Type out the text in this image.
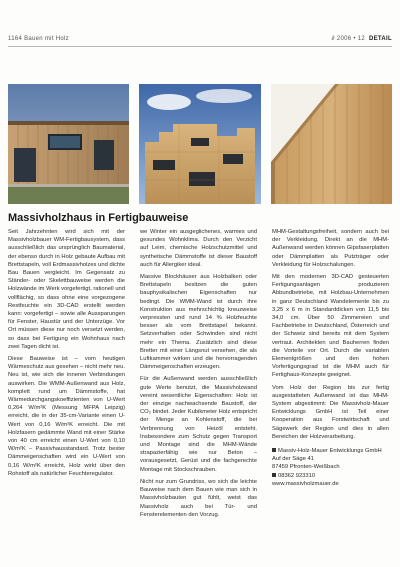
1164 Bauen mit Holz	∂ 2006 • 12 DETAIL
Massivholzhaus in Fertigbauweise

Seit Jahrzehnten wird sich mit der Massivholzbauer WM-Fertigbausystem, dass ausschließlich das ursprünglich Baumaterial, der ebenso durch in Holz gebaute Aufbau mit Brettstapeln, voll Erdmassivholzes und dichte Bau Bauen vergleicht. Im Gegensatz zu Ständer- oder Skelettbauweise werden die Holzwände im Werk vorgefertigt, rationell und vollflächig, so dass ohne eine vorgezogene Restfeuchte ein 3D-CAD erstellt werden kann: vorgefertigt – sowie alle Aussparungen für Fenster, Haustür und der Unterzüge. Vor Ort müssen diese nur noch versetzt werden, so dass bei Fertigung ein Wohnhaus nach zwei Tagen dicht ist.

Diese Bauweise ist – vom heutigen Wärmeschutz aus gesehen – nicht mehr neu. Neu ist, wie sich die inneren Verbindungen auswirken. Die WMM-Außenwand aus Holz, komplett rund um Dämmstoffe, hat Wärmedurchgangskoeffizienten von U-Wert 0,264 W/m²K (Messung MFPA Leipzig) erreicht, die in der 35-cm-Variante einen U-Wert von 0,16 W/m²K erreicht. Die mit Holzfasern gedämmte Wand mit einer Stärke von 40 cm erreicht einen U-Wert von 0,10 W/m²K – Passivhausstandard. Trotz bester Dämmeigenschaften wird ein U-Wert von 0,16 W/m²K erreicht, Holz wirkt über den Rohstoff als natürlicher Feuchteregulator.

we Winter ein ausgeglichenes, warmes und gesundes Wohnklima. Durch den Verzicht auf Leim, chemische Holzschutzmittel und synthetische Dämmstoffe ist dieser Baustoff auch für Allergiker ideal.

Massive Blockhäuser aus Holzbalken oder Brettstapeln besitzen die guten bauphysikalischen Eigenschaften nur bedingt. Die WMM-Wand ist durch ihre Konstruktion aus mehrschichtig kreuzweise verpressten und rund 14 % Holzfeuchte besser als vom Brettstapel bekannt. Setzverhalten oder Schwinden sind nicht mehr ein Thema. Zusätzlich sind diese Bretter mit einer Längsnut versehen, die als Luftkammer wirken und die hervorragenden Dämmeigenschaften erzeugen.

Für die Außenwand werden ausschließlich gute Werte benutzt, die Massivholzwand vereint wesentliche Eigenschaften: Holz ist der einzige nachwachsende Baustoff, der CO₂ bindet. Jeder Kubikmeter Holz entspricht der Menge an Kohlenstoff, die bei Verbrennung von Heizöl entsteht. Insbesondere zum Schutz gegen Transport und Montage sind die MHM-Wände strapazierfähig wie nur Beton – vorausgesetzt, Gerüst und die fachgerechte Montage mit Stockschrauben.

Nicht nur zum Grundriss, wo sich die leichte Bauweise nach dem Bauen wie man sich in Massivholzbauten gut fühlt, weist das Massivholz auch bei Tür- und Fensterelementen den Vorzug.

MHM-Gestaltungsfreiheit, sondern auch bei der Verkleidung. Direkt an die MHM-Außenwand werden können Gipsfaserplatten oder Dämmplatten als Putzträger oder Verkleidung für Holzschalungen.

Mit den modernen 3D-CAD gesteuerten Fertigungsanlagen produzieren Abbundbetriebe, mit Holzbau-Unternehmen in ganz Deutschland Wandelemente bis zu 3,25 x 6 m in Standarddicken von 11,5 bis 34,0 cm. Über 50 Zimmereien und Fachbetriebe in Deutschland, Österreich und der Schweiz sind bereits mit dem System vertraut. Architekten und Bauherren finden die Vorteile vor Ort. Durch die variablen Elementgrößen und den hohen Vorfertigungsgrad ist die MHM auch für Fertighaus-Konzepte geeignet.

Vom Holz der Region bis zur fertig ausgestatteten Außenwand ist das MHM-System abgestimmt: Die Massivholz-Mauer Entwicklungs GmbH ist Teil einer Kooperation aus Forstwirtschaft und Sägewerk der Region und dies in allen Bereichen der Holzverarbeitung.

Massiv-Holz-Mauer Entwicklungs GmbH
Auf der Säge 41
87459 Pfronten-Weißbach
08362 923310
www.massivholzmauer.de
